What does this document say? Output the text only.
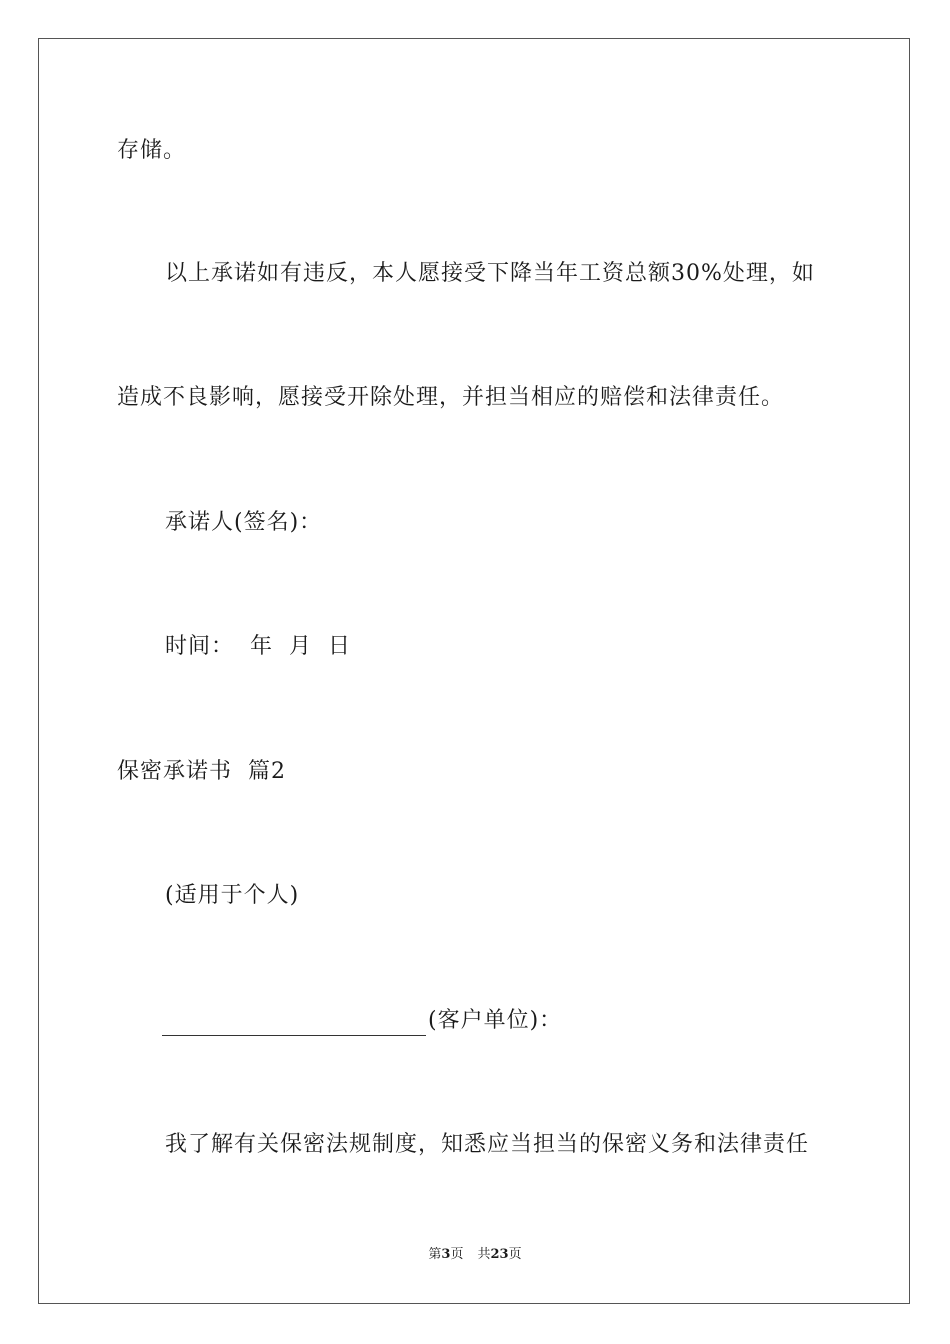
存储。
以上承诺如有违反，本人愿接受下降当年工资总额30%处理，如
造成不良影响，愿接受开除处理，并担当相应的赔偿和法律责任。
承诺人(签名)：
时间：  年  月  日
保密承诺书  篇2
(适用于个人)
(客户单位)：
我了解有关保密法规制度，知悉应当担当的保密义务和法律责任
第3页 共23页
